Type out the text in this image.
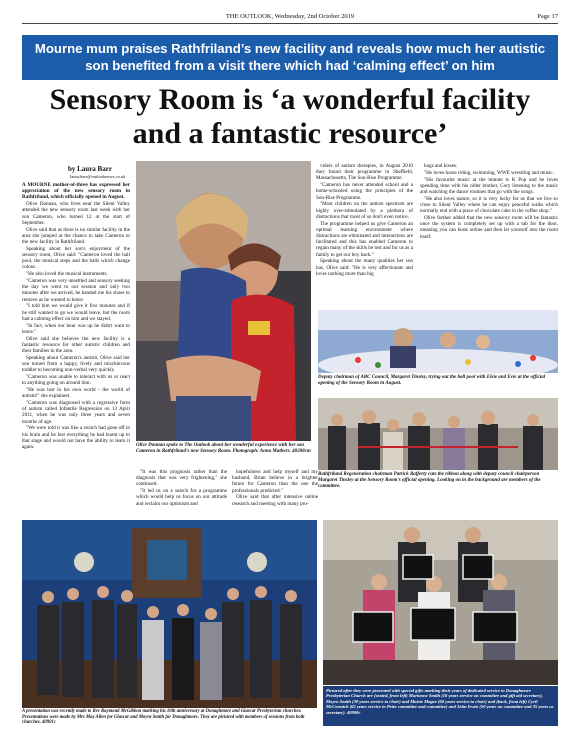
THE OUTLOOK, Wednesday, 2nd October 2019	Page 17
Mourne mum praises Rathfriland’s new facility and reveals how much her autistic son benefited from a visit there which had ‘calming effect’ on him
Sensory Room is ‘a wonderful facility and a fantastic resource’
by Laura Barr
laura.barr@outlooknews.co.uk

A MOURNE mother-of-three has expressed her appreciation of the new sensory room in Rathfriland, which officially opened in August.

Olive Donnan, who lives near the Silent Valley attended the new sensory room last week with her son Cameron, who turned 12 at the start of September.

Olive said that as there is no similar facility in the area she jumped at the chance to take Cameron to the new facility in Rathfriland.

Speaking about her son's enjoyment of the sensory room, Olive said: "Cameron loved the ball pool, the musical steps and the balls which change colour.

"He also loved the musical instruments.

"Cameron was very unsettled and sensory seeking the day we went to our session and only two minutes after we arrived, he handed me his shoes to remove as he wanted to leave.

"I told him we would give it five minutes and if he still wanted to go we would leave, but the room had a calming effect on him and we stayed.

"In fact, when our hour was up he didn't want to leave."

Olive said she believes the new facility is a fantastic resource for other autistic children and their families in the area.

Speaking about Cameron's autism, Olive said her son turned from a happy, lively and mischievous toddler to becoming non-verbal very quickly.

"Cameron was unable to interact with us or react to anything going on around him.

"He was lost in his own world - the world of autism!" she explained.

"Cameron was diagnosed with a regressive form of autism called Infantile Regression on 13 April 2011, when he was only three years and seven months of age.

"We were told it was like a switch had gone off in his brain and he lost everything he had learnt up to that stage and would not have the ability to learn it again.

"It was this prognosis rather than the diagnosis that was very frightening," she continued.

"It led us on a search for a programme which would help us focus on our attitude and reclaim our optimism and

hopefulness and help myself and my husband, Brian believe in a brighter future for Cameron than the one the professionals predicted."

Olive said that after intensive online research and meeting with many pro-

viders of autism therapies, in August 2010 they found their programme in Sheffield, Massachusetts, The Son-Rise Programme.

"Cameron has never attended school and a home-schooled using the principles of the Son-Rise Programme.

"Most children on the autism spectrum are highly over-stimulated by a plethora of distractions that most of us don't even notice.

The programme helped us give Cameron an optimal learning environment where distractions are eliminated and interactions are facilitated and this has enabled Cameron to regain many of the skills he lost and for us as a family to get our boy back."

Speaking about the many qualities her son has, Olive said: "He is very affectionate and loves nothing more than big

hugs and kisses.

"He loves horse riding, swimming, WWE wrestling and music.

"His favourite music at the minute is K Pop and he loves spending time with his older brother, Cory listening to the music and watching the dance routines that go with the songs.

"He also loves nature, so it is very lucky for us that we live so close to Silent Valley where he can enjoy peaceful walks which normally end with a piece of chocolate cake in the coffee shop."

Olive further added that the new sensory room will be fantastic once the system is completely set up with a tab for the door, meaning you can book online and then let yourself into the room itself.

Olive Donnan spoke to The Outlook about her wonderful experience with her son Cameron in Rathfriland's new Sensory Room. Photograph: Anna Mathers. 40208cm
Deputy chairman of ABC Council, Margaret Tinsley, trying out the ball pool with Elsie and Evie at the official opening of the Sensory Room in August.
Rathfriland Regeneration chairman Patrick Rafferty cuts the ribbon along with deputy council chairperson Margaret Tinsley at the Sensory Room's official opening. Looking on in the background are members of the committee.
A presentation was recently made to Rev Raymond McGibbon marking his 10th anniversary at Donaghmore and Glascar Presbyterian churches. Presentations were made by Mrs May Allen for Glascar and Moyra Smith for Donaghmore. They are pictured with members of sessions from both churches. 40901c
Pictured after they were presented with special gifts marking their years of dedicated service to Donaghmore Presbyterian Church are (seated, from left) Marianne Smith (16 years service on committee and gift aid secretary), Moyra Smith (30 years service to choir) and Maisie Magee (60 years service to choir) and (back, from left) Cyril McCormick (65 years service to Prize committee and committee) and John Irwin (50 years on committee and 35 years as secretary). 40908c
